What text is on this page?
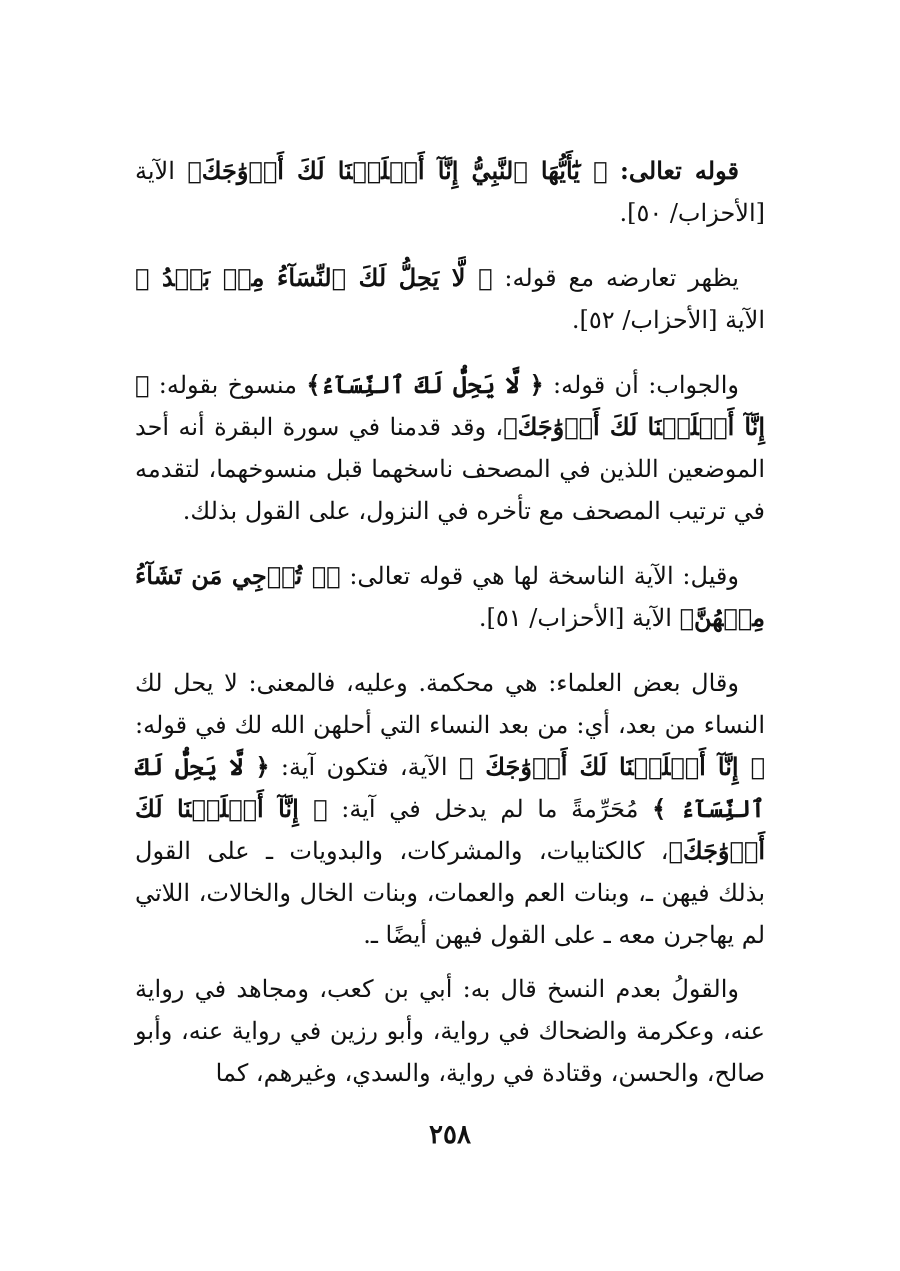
قوله تعالى: ﴿ يَٰٓأَيُّهَا ٱلنَّبِيُّ إِنَّآ أَحۡلَلۡنَا لَكَ أَزۡوَٰجَكَ﴾ الآية [الأحزاب/ ٥٠].

يظهر تعارضه مع قوله: ﴿ لَّا يَحِلُّ لَكَ ٱلنِّسَآءُ مِنۢ بَعۡدُ ﴾ الآية [الأحزاب/ ٥٢].

والجواب: أن قوله: ﴿ لَّا يَحِلُّ لَكَ ٱلنِّسَآءُ﴾ منسوخ بقوله: ﴿ إِنَّآ أَحۡلَلۡنَا لَكَ أَزۡوَٰجَكَ﴾، وقد قدمنا في سورة البقرة أنه أحد الموضعين اللذين في المصحف ناسخهما قبل منسوخهما، لتقدمه في ترتيب المصحف مع تأخره في النزول، على القول بذلك.

وقيل: الآية الناسخة لها هي قوله تعالى: ﴿۞ تُرۡجِي مَن تَشَآءُ مِنۡهُنَّ﴾ الآية [الأحزاب/ ٥١].

وقال بعض العلماء: هي محكمة. وعليه، فالمعنى: لا يحل لك النساء من بعد، أي: من بعد النساء التي أحلهن الله لك في قوله: ﴿ إِنَّآ أَحۡلَلۡنَا لَكَ أَزۡوَٰجَكَ ﴾ الآية، فتكون آية: ﴿ لَّا يَحِلُّ لَكَ ٱلنِّسَآءُ ﴾ مُحَرِّمةً ما لم يدخل في آية: ﴿ إِنَّآ أَحۡلَلۡنَا لَكَ أَزۡوَٰجَكَ﴾، كالكتابيات، والمشركات، والبدويات ـ على القول بذلك فيهن ـ، وبنات العم والعمات، وبنات الخال والخالات، اللاتي لم يهاجرن معه ـ على القول فيهن أيضًا ـ.

والقولُ بعدم النسخ قال به: أبي بن كعب، ومجاهد في رواية عنه، وعكرمة والضحاك في رواية، وأبو رزين في رواية عنه، وأبو صالح، والحسن، وقتادة في رواية، والسدي، وغيرهم، كما

٢٥٨
